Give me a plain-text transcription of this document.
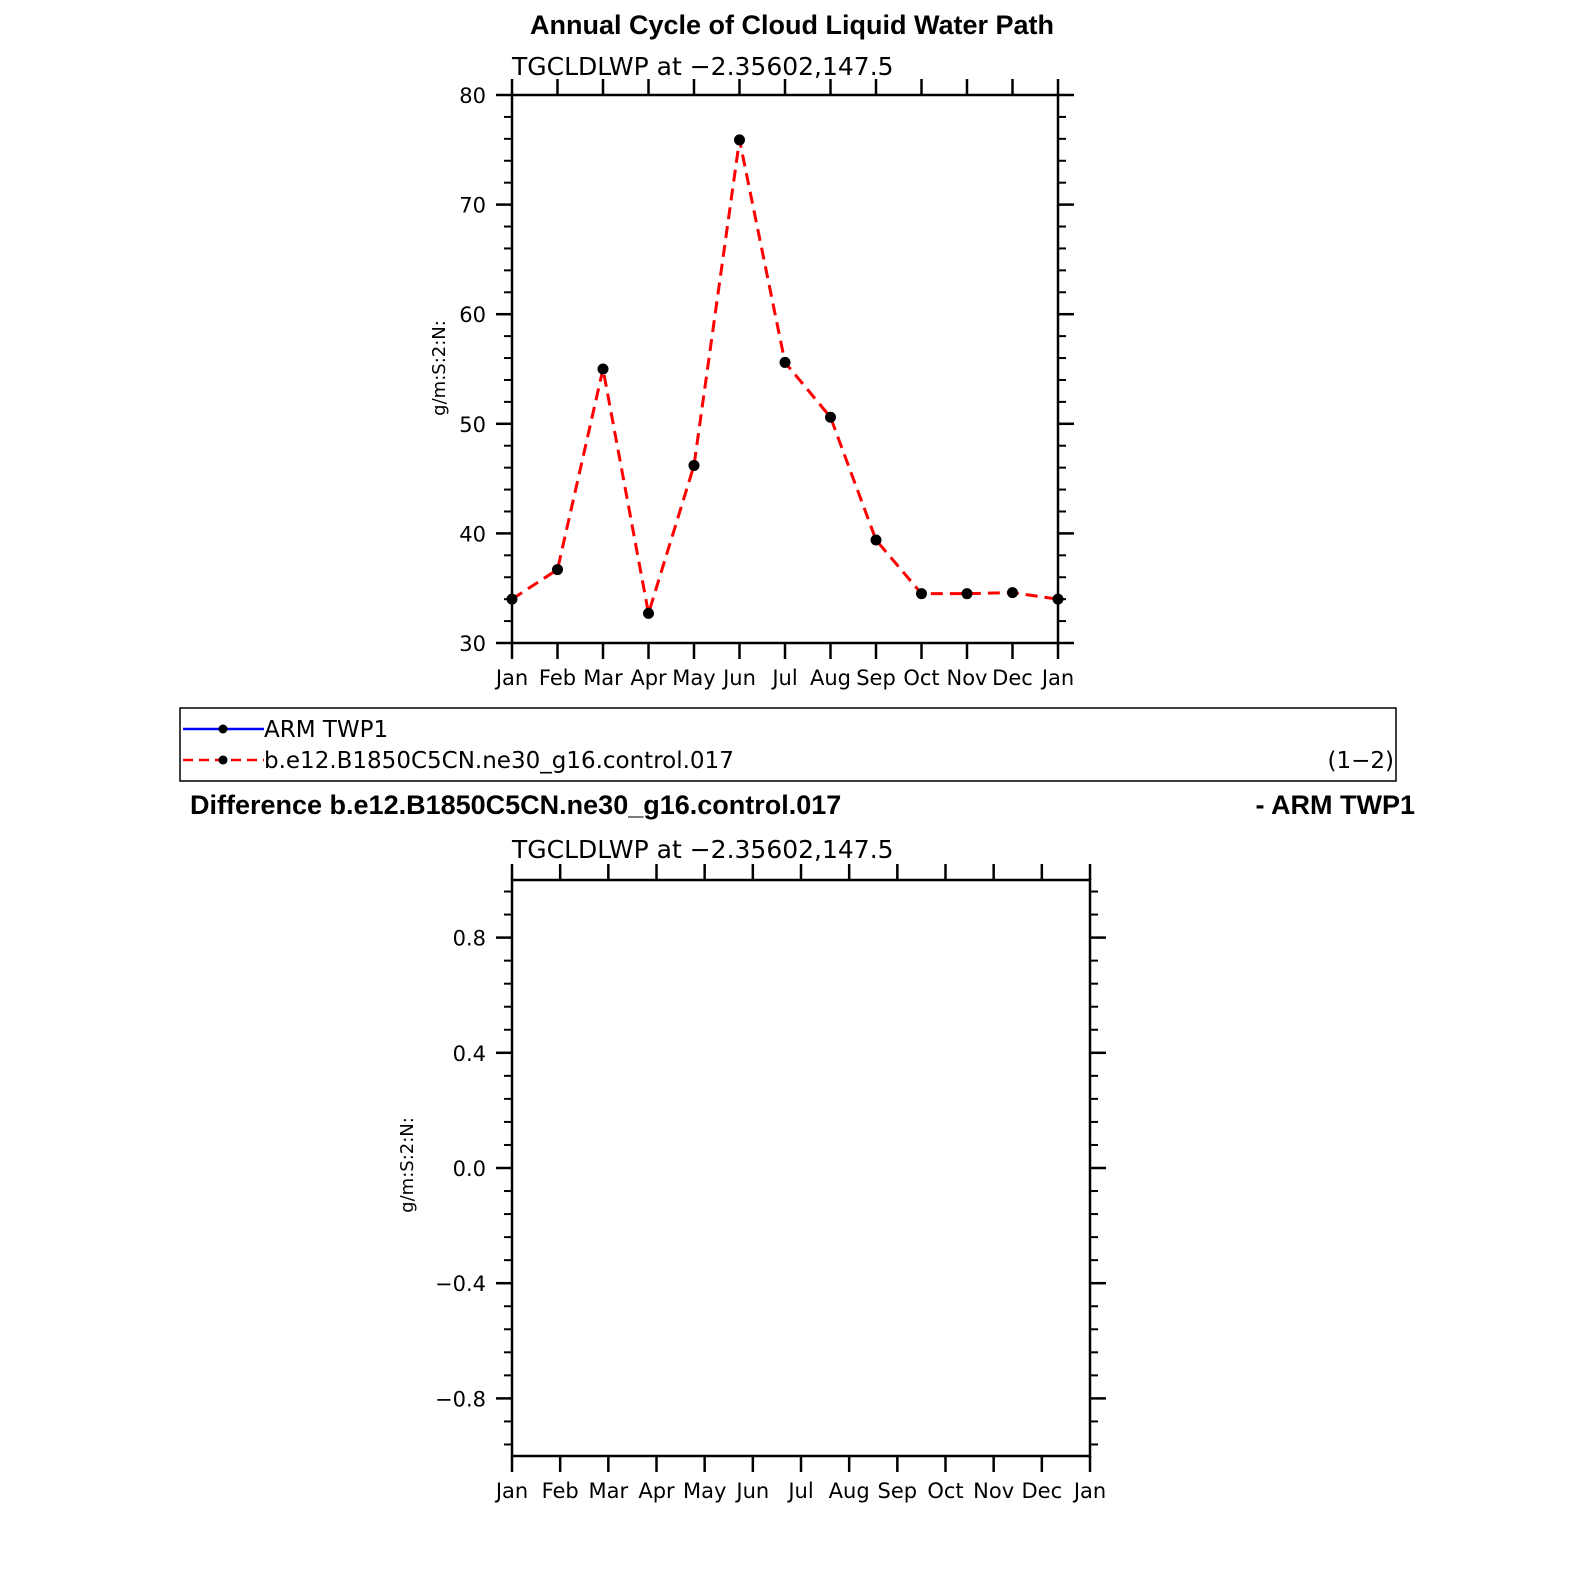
Annual Cycle of Cloud Liquid Water Path
TGCLDLWP at −2.35602,147.5
g/m:S:2:N:
Jan Feb Mar Apr May Jun Jul Aug Sep Oct Nov Dec Jan
30
40
50
60
70
80
ARM TWP1
b.e12.B1850C5CN.ne30_g16.control.017	(1−2)
Difference b.e12.B1850C5CN.ne30_g16.control.017	- ARM TWP1
TGCLDLWP at −2.35602,147.5
g/m:S:2:N:
Jan Feb Mar Apr May Jun Jul Aug Sep Oct Nov Dec Jan
−0.8
−0.4
0.0
0.4
0.8
